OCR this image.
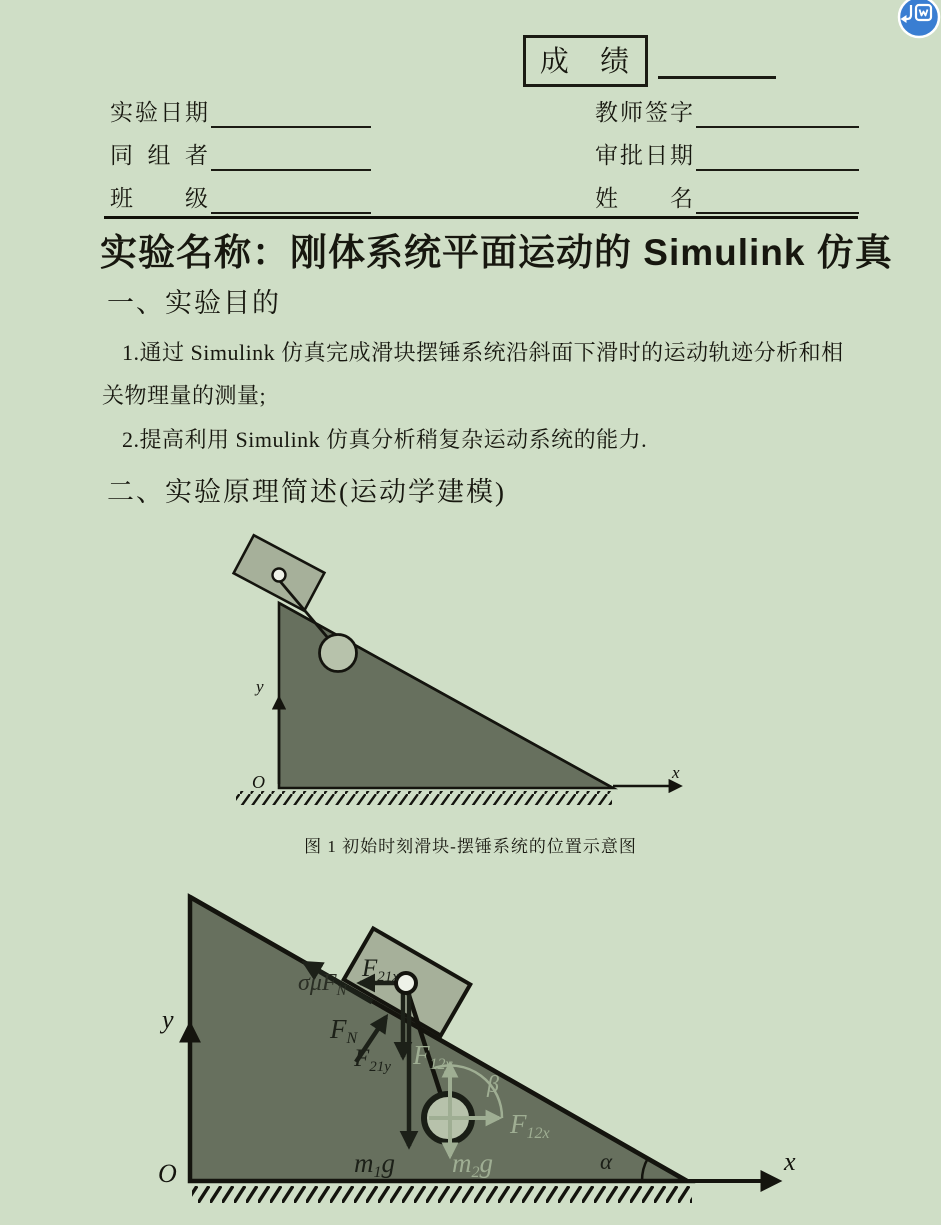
成 绩
实验日期
同组者
班级
教师签字
审批日期
姓名
实验名称：刚体系统平面运动的 Simulink 仿真
一、实验目的
1.通过 Simulink 仿真完成滑块摆锤系统沿斜面下滑时的运动轨迹分析和相
关物理量的测量;
2.提高利用 Simulink 仿真分析稍复杂运动系统的能力.
二、实验原理简述(运动学建模)
y
O	x
图 1 初始时刻滑块-摆锤系统的位置示意图
σμF$_N$
$F_{21x}$
FN
$F_{21y}$ F12y
F12x
m1g m2g
β
α	x
y
O
